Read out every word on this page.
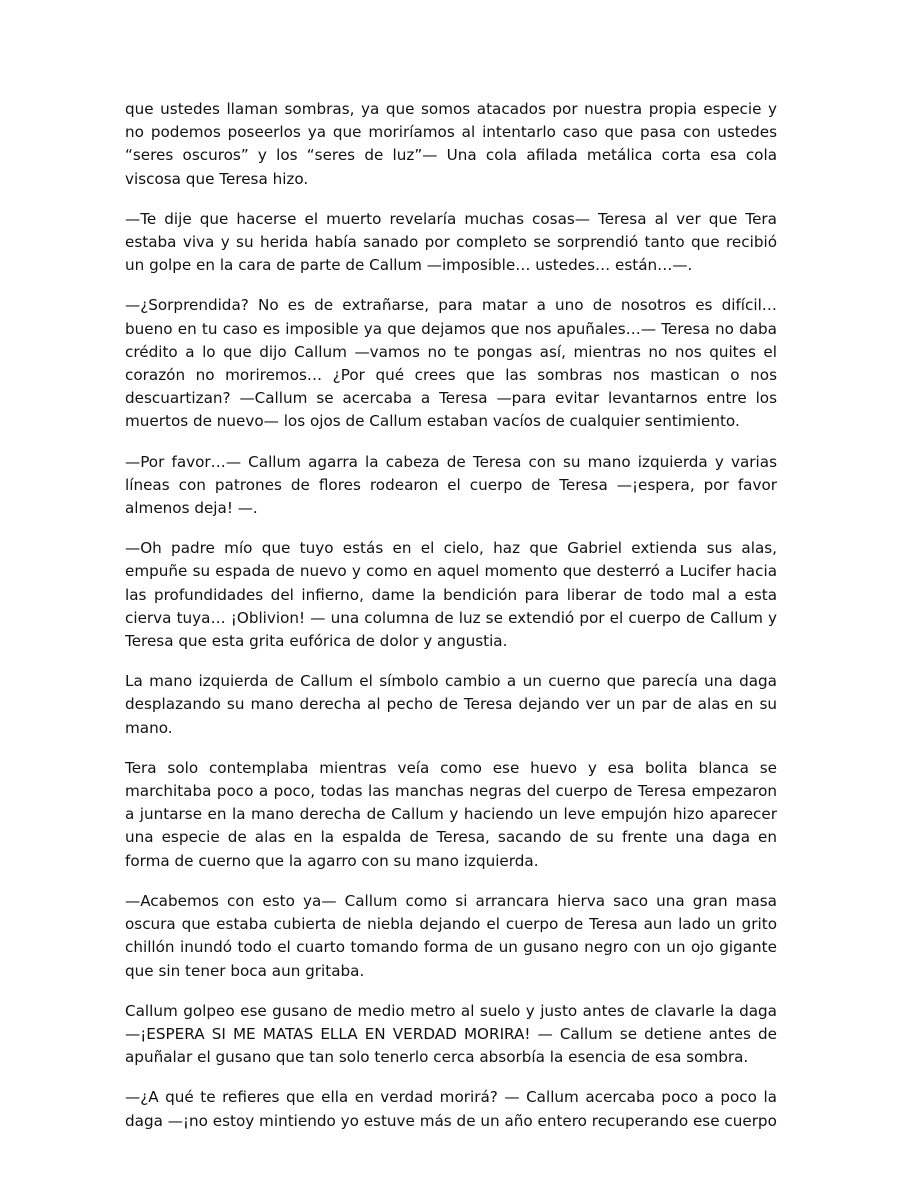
que ustedes llaman sombras, ya que somos atacados por nuestra propia especie y no podemos poseerlos ya que moriríamos al intentarlo caso que pasa con ustedes “seres oscuros” y los “seres de luz”— Una cola afilada metálica corta esa cola viscosa que Teresa hizo.

—Te dije que hacerse el muerto revelaría muchas cosas— Teresa al ver que Tera estaba viva y su herida había sanado por completo se sorprendió tanto que recibió un golpe en la cara de parte de Callum —imposible… ustedes… están…—.

—¿Sorprendida? No es de extrañarse, para matar a uno de nosotros es difícil… bueno en tu caso es imposible ya que dejamos que nos apuñales…— Teresa no daba crédito a lo que dijo Callum —vamos no te pongas así, mientras no nos quites el corazón no moriremos… ¿Por qué crees que las sombras nos mastican o nos descuartizan? —Callum se acercaba a Teresa —para evitar levantarnos entre los muertos de nuevo— los ojos de Callum estaban vacíos de cualquier sentimiento.

—Por favor…— Callum agarra la cabeza de Teresa con su mano izquierda y varias líneas con patrones de flores rodearon el cuerpo de Teresa —¡espera, por favor almenos deja! —.

—Oh padre mío que tuyo estás en el cielo, haz que Gabriel extienda sus alas, empuñe su espada de nuevo y como en aquel momento que desterró a Lucifer hacia las profundidades del infierno, dame la bendición para liberar de todo mal a esta cierva tuya… ¡Oblivion! — una columna de luz se extendió por el cuerpo de Callum y Teresa que esta grita eufórica de dolor y angustia.

La mano izquierda de Callum el símbolo cambio a un cuerno que parecía una daga desplazando su mano derecha al pecho de Teresa dejando ver un par de alas en su mano.

Tera solo contemplaba mientras veía como ese huevo y esa bolita blanca se marchitaba poco a poco, todas las manchas negras del cuerpo de Teresa empezaron a juntarse en la mano derecha de Callum y haciendo un leve empujón hizo aparecer una especie de alas en la espalda de Teresa, sacando de su frente una daga en forma de cuerno que la agarro con su mano izquierda.

—Acabemos con esto ya— Callum como si arrancara hierva saco una gran masa oscura que estaba cubierta de niebla dejando el cuerpo de Teresa aun lado un grito chillón inundó todo el cuarto tomando forma de un gusano negro con un ojo gigante que sin tener boca aun gritaba.

Callum golpeo ese gusano de medio metro al suelo y justo antes de clavarle la daga —¡ESPERA SI ME MATAS ELLA EN VERDAD MORIRA! — Callum se detiene antes de apuñalar el gusano que tan solo tenerlo cerca absorbía la esencia de esa sombra.

—¿A qué te refieres que ella en verdad morirá? — Callum acercaba poco a poco la daga —¡no estoy mintiendo yo estuve más de un año entero recuperando ese cuerpo
